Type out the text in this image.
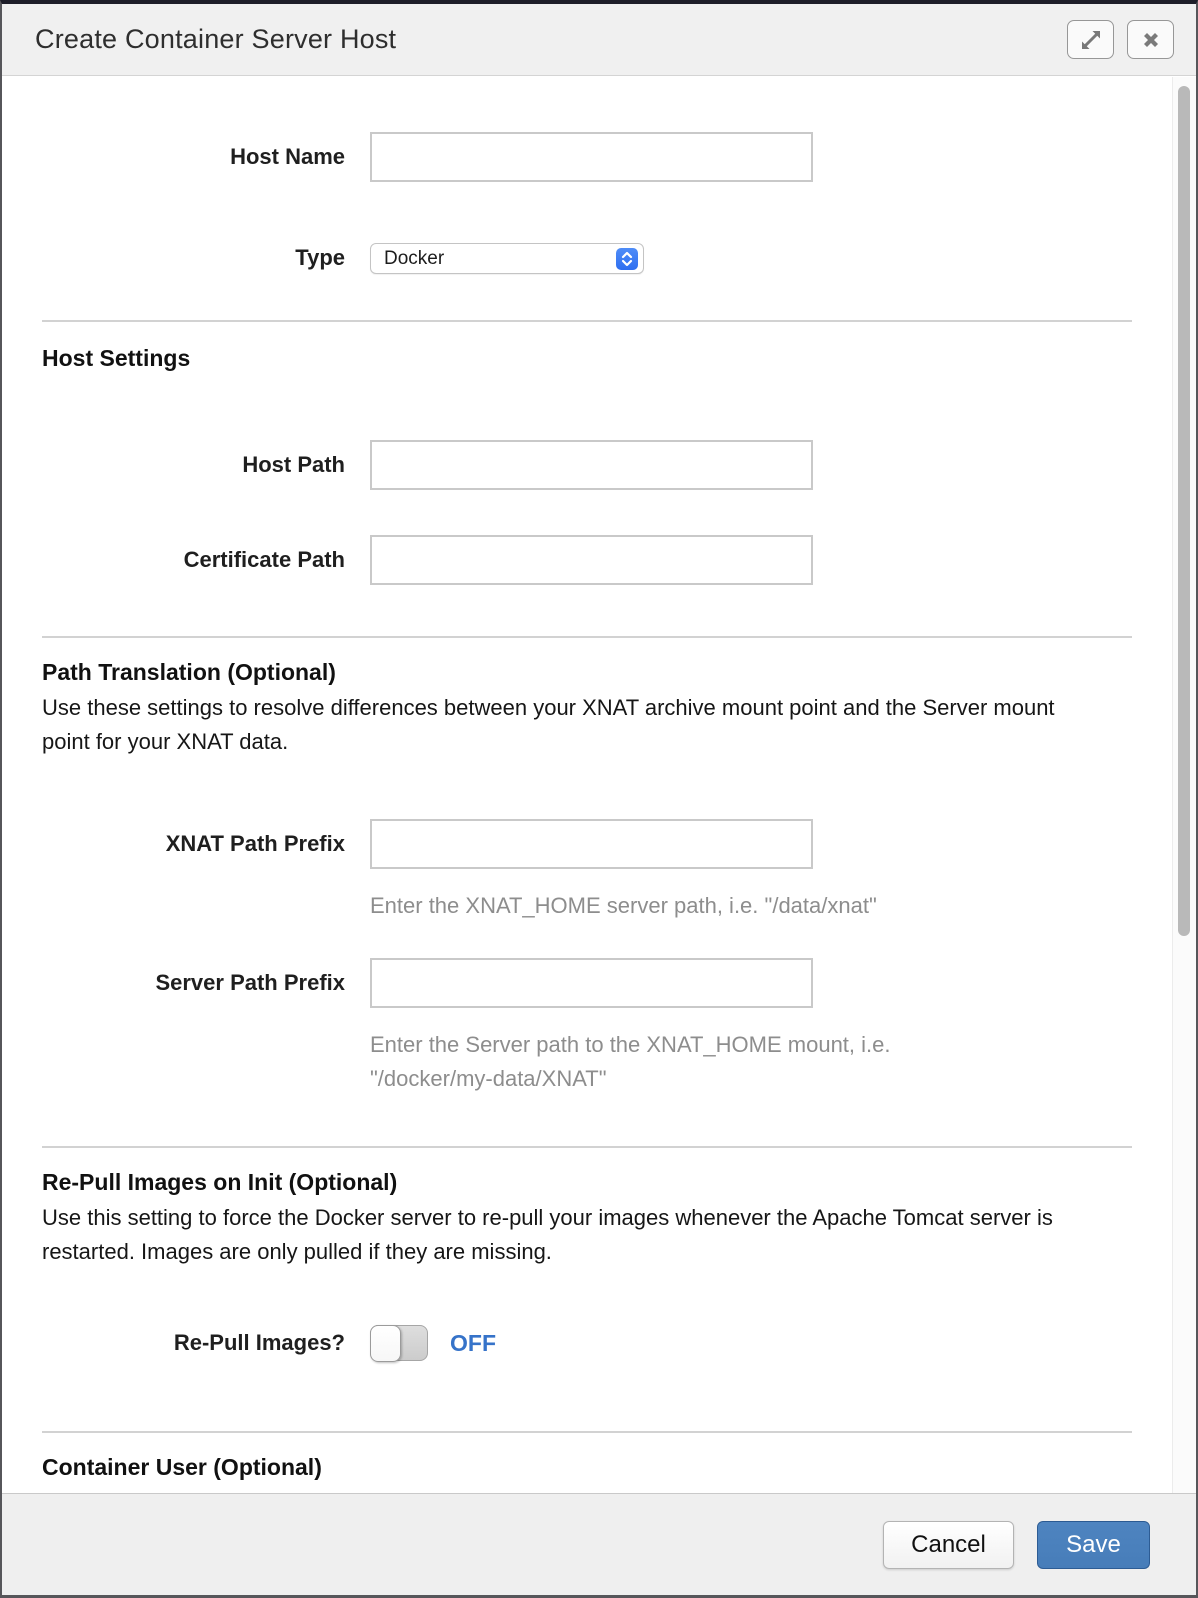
Create Container Server Host
Host Name
Type Docker
Host Settings
Host Path
Certificate Path
Path Translation (Optional)
Use these settings to resolve differences between your XNAT archive mount point and the Server mount point for your XNAT data.
XNAT Path Prefix
Enter the XNAT_HOME server path, i.e. "/data/xnat"
Server Path Prefix
Enter the Server path to the XNAT_HOME mount, i.e. "/docker/my-data/XNAT"
Re-Pull Images on Init (Optional)
Use this setting to force the Docker server to re-pull your images whenever the Apache Tomcat server is restarted. Images are only pulled if they are missing.
Re-Pull Images?	OFF
Container User (Optional)
Cancel	Save
